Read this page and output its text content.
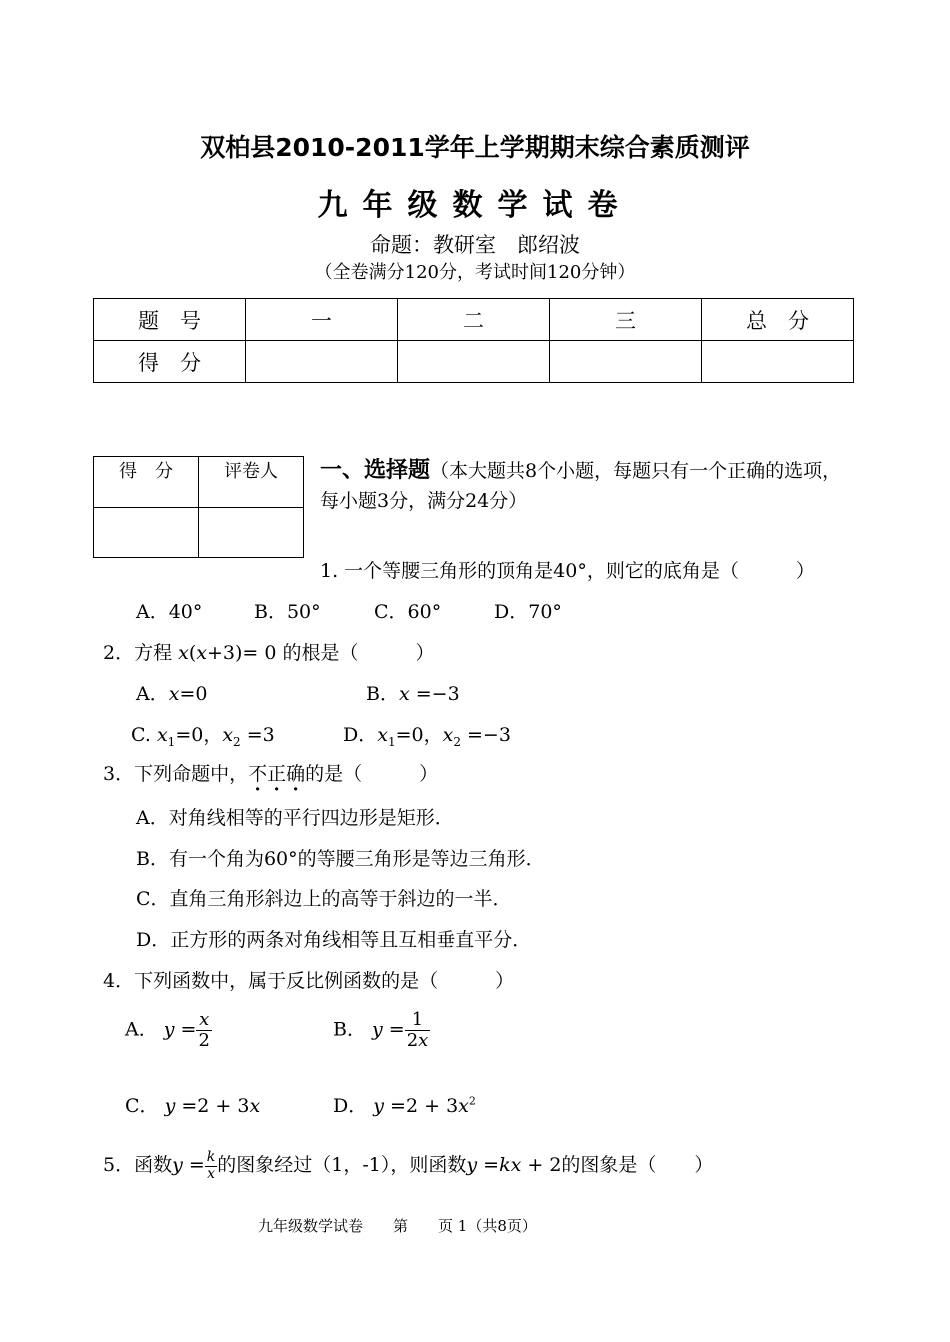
双柏县2010-2011学年上学期期末综合素质测评
九年级数学试卷
命题：教研室　郎绍波
（全卷满分120分，考试时间120分钟）
题　号	一	二	三	总　分
得　分				
得　分	评卷人
	一、选择题（本大题共8个小题，每题只有一个正确的选项，每小题3分，满分24分）
1. 一个等腰三角形的顶角是40°，则它的底角是（　　　）
A．40°	B．50°	C．60°	D．70°
2．方程 x(x+3)= 0 的根是（　　　）
A．x=0	B．x =−3
C. $x_1=0$，$x_2 =3$	D．$x_1=0$，$x_2 =-3$
3．下列命题中，不正确的是（　　　）
A．对角线相等的平行四边形是矩形．
B．有一个角为60°的等腰三角形是等边三角形．
C．直角三角形斜边上的高等于斜边的一半．
D．正方形的两条对角线相等且互相垂直平分．
4．下列函数中，属于反比例函数的是（　　　）
A． $y = \frac{x}{2}$	B． $y = \frac{1}{2x}$
C． y =2 + 3x	D． $y =2 + 3x^2$
5．函数$y = \frac{k}{x}$ 的图象经过（1，-1），则函数y =kx + 2的图象是（　　）
九年级数学试卷　　第　　页 1（共8页）
